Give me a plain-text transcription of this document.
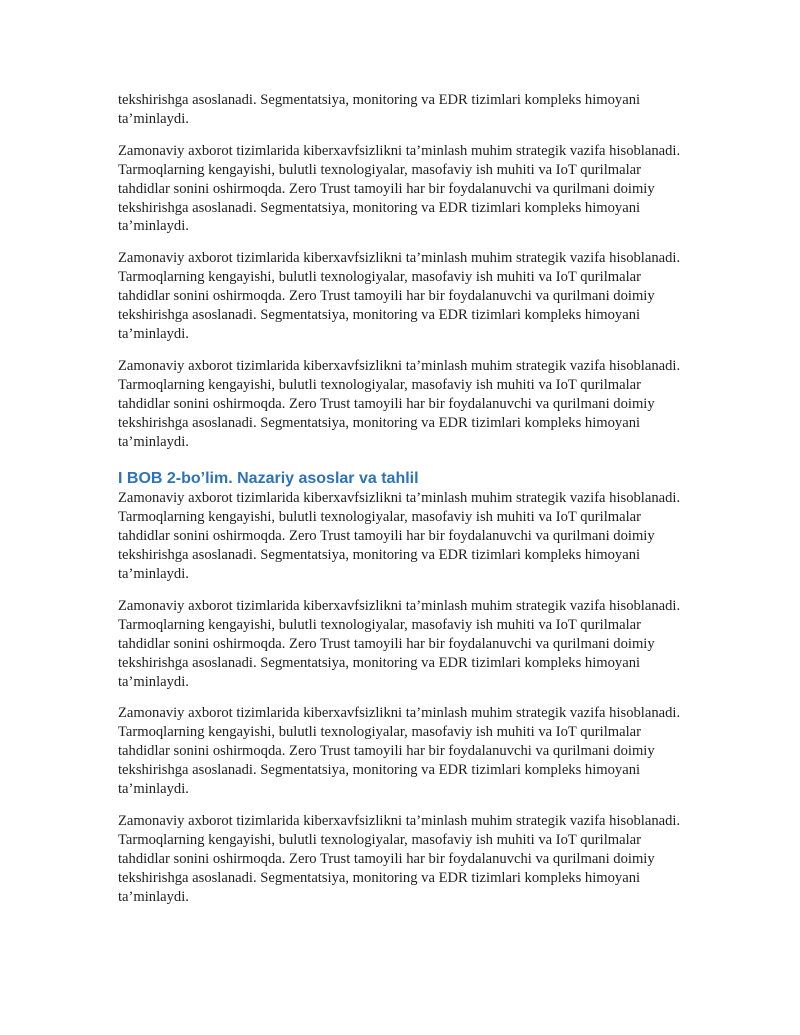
tekshirishga asoslanadi. Segmentatsiya, monitoring va EDR tizimlari kompleks himoyani
ta’minlaydi.
Zamonaviy axborot tizimlarida kiberxavfsizlikni ta’minlash muhim strategik vazifa hisoblanadi.
Tarmoqlarning kengayishi, bulutli texnologiyalar, masofaviy ish muhiti va IoT qurilmalar
tahdidlar sonini oshirmoqda. Zero Trust tamoyili har bir foydalanuvchi va qurilmani doimiy
tekshirishga asoslanadi. Segmentatsiya, monitoring va EDR tizimlari kompleks himoyani
ta’minlaydi.
Zamonaviy axborot tizimlarida kiberxavfsizlikni ta’minlash muhim strategik vazifa hisoblanadi.
Tarmoqlarning kengayishi, bulutli texnologiyalar, masofaviy ish muhiti va IoT qurilmalar
tahdidlar sonini oshirmoqda. Zero Trust tamoyili har bir foydalanuvchi va qurilmani doimiy
tekshirishga asoslanadi. Segmentatsiya, monitoring va EDR tizimlari kompleks himoyani
ta’minlaydi.
Zamonaviy axborot tizimlarida kiberxavfsizlikni ta’minlash muhim strategik vazifa hisoblanadi.
Tarmoqlarning kengayishi, bulutli texnologiyalar, masofaviy ish muhiti va IoT qurilmalar
tahdidlar sonini oshirmoqda. Zero Trust tamoyili har bir foydalanuvchi va qurilmani doimiy
tekshirishga asoslanadi. Segmentatsiya, monitoring va EDR tizimlari kompleks himoyani
ta’minlaydi.
I BOB 2-bo’lim. Nazariy asoslar va tahlil
Zamonaviy axborot tizimlarida kiberxavfsizlikni ta’minlash muhim strategik vazifa hisoblanadi.
Tarmoqlarning kengayishi, bulutli texnologiyalar, masofaviy ish muhiti va IoT qurilmalar
tahdidlar sonini oshirmoqda. Zero Trust tamoyili har bir foydalanuvchi va qurilmani doimiy
tekshirishga asoslanadi. Segmentatsiya, monitoring va EDR tizimlari kompleks himoyani
ta’minlaydi.
Zamonaviy axborot tizimlarida kiberxavfsizlikni ta’minlash muhim strategik vazifa hisoblanadi.
Tarmoqlarning kengayishi, bulutli texnologiyalar, masofaviy ish muhiti va IoT qurilmalar
tahdidlar sonini oshirmoqda. Zero Trust tamoyili har bir foydalanuvchi va qurilmani doimiy
tekshirishga asoslanadi. Segmentatsiya, monitoring va EDR tizimlari kompleks himoyani
ta’minlaydi.
Zamonaviy axborot tizimlarida kiberxavfsizlikni ta’minlash muhim strategik vazifa hisoblanadi.
Tarmoqlarning kengayishi, bulutli texnologiyalar, masofaviy ish muhiti va IoT qurilmalar
tahdidlar sonini oshirmoqda. Zero Trust tamoyili har bir foydalanuvchi va qurilmani doimiy
tekshirishga asoslanadi. Segmentatsiya, monitoring va EDR tizimlari kompleks himoyani
ta’minlaydi.
Zamonaviy axborot tizimlarida kiberxavfsizlikni ta’minlash muhim strategik vazifa hisoblanadi.
Tarmoqlarning kengayishi, bulutli texnologiyalar, masofaviy ish muhiti va IoT qurilmalar
tahdidlar sonini oshirmoqda. Zero Trust tamoyili har bir foydalanuvchi va qurilmani doimiy
tekshirishga asoslanadi. Segmentatsiya, monitoring va EDR tizimlari kompleks himoyani
ta’minlaydi.
